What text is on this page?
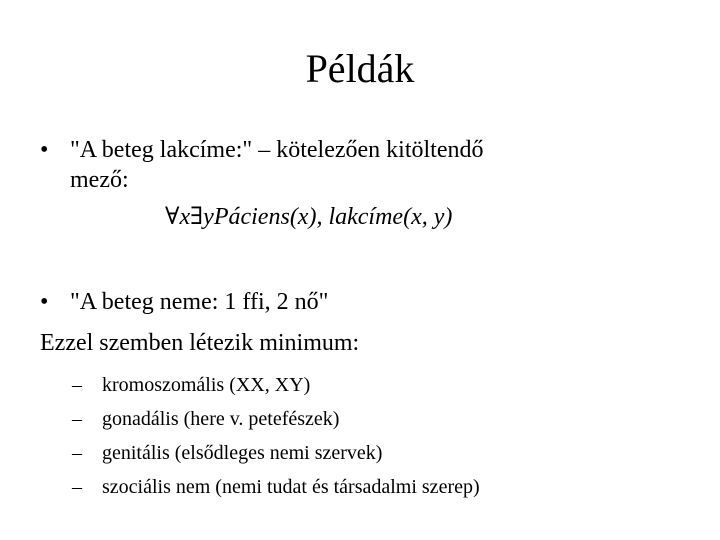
Példák
• "A beteg lakcíme:" – kötelezően kitöltendő
mező:
∀x∃yPáciens(x), lakcíme(x, y)
• "A beteg neme: 1 ffi, 2 nő"
Ezzel szemben létezik minimum:
–	kromoszomális (XX, XY)
–	gonadális (here v. petefészek)
–	genitális (elsődleges nemi szervek)
–	szociális nem (nemi tudat és társadalmi szerep)
